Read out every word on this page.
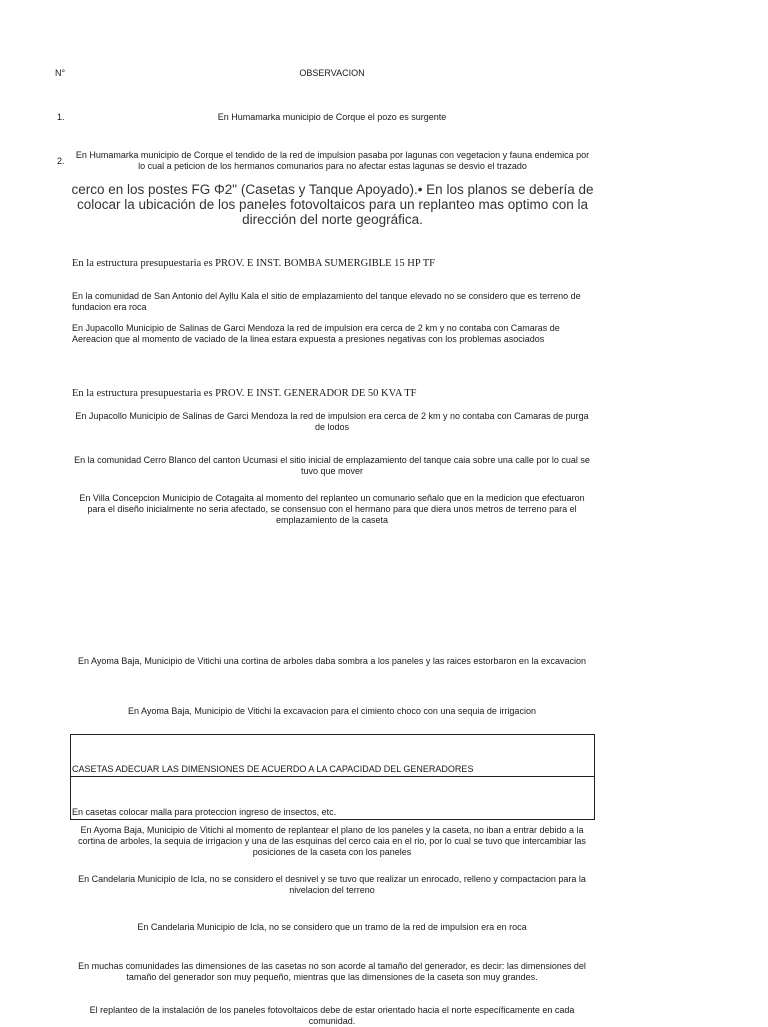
N°	OBSERVACION
1.	En Humamarka municipio de Corque el pozo es surgente
2.
En Humamarka municipio de Corque el tendido de la red de impulsion pasaba por lagunas con vegetacion y fauna endemica por lo cual a peticion de los hermanos comunarios para no afectar estas lagunas se desvio el trazado
cerco en los postes FG Φ2" (Casetas y Tanque Apoyado).• En los planos se debería de colocar la ubicación de los paneles fotovoltaicos para un replanteo mas optimo con la dirección del norte geográfica.
En la estructura presupuestaria es PROV. E INST. BOMBA SUMERGIBLE 15 HP TF
En la comunidad de San Antonio del Ayllu Kala el sitio de emplazamiento del tanque elevado no se considero que es terreno de fundacion era roca
En Jupacollo Municipio de Salinas de Garci Mendoza la red de impulsion era cerca de 2 km y no contaba con Camaras de Aereacion que al momento de vaciado de la linea estara expuesta a presiones negativas con los problemas asociados
En la estructura presupuestaria es PROV. E INST. GENERADOR DE 50 KVA TF
En Jupacollo Municipio de Salinas de Garci Mendoza la red de impulsion era cerca de 2 km y no contaba con Camaras de purga de lodos
En la comunidad Cerro Blanco del canton Ucumasi el sitio inicial de emplazamiento del tanque caia sobre una calle por lo cual se tuvo que mover
En Villa Concepcion Municipio de Cotagaita al momento del replanteo un comunario señalo que en la medicion que efectuaron para el diseño inicialmente no seria afectado, se consensuo con el hermano para que diera unos metros de terreno para el emplazamiento de la caseta
En Ayoma Baja, Municipio de Vitichi una cortina de arboles daba sombra a los paneles y las raices estorbaron en la excavacion
En Ayoma Baja, Municipio de Vitichi la excavacion para el cimiento choco con una sequia de irrigacion
CASETAS ADECUAR LAS DIMENSIONES DE ACUERDO A LA CAPACIDAD DEL GENERADORES
En casetas colocar malla para proteccion ingreso de insectos, etc.
En Ayoma Baja, Municipio de Vitichi al momento de replantear el plano de los paneles y la caseta, no iban a entrar debido a la cortina de arboles, la sequia de irrigacion y una de las esquinas del cerco caia en el rio, por lo cual se tuvo que intercambiar las posiciones de la caseta con los paneles
En Candelaria Municipio de Icla, no se considero el desnivel y se tuvo que realizar un enrocado, relleno y compactacion para la nivelacion del terreno
En Candelaria Municipio de Icla, no se considero que un tramo de la red de impulsion era en roca
En muchas comunidades las dimensiones de las casetas no son acorde al tamaño del generador, es decir: las dimensiones del tamaño del generador son muy pequeño, mientras que las dimensiones de la caseta son muy grandes.
El replanteo de la instalación de los paneles fotovoltaicos debe de estar orientado hacia el norte específicamente en cada comunidad.
